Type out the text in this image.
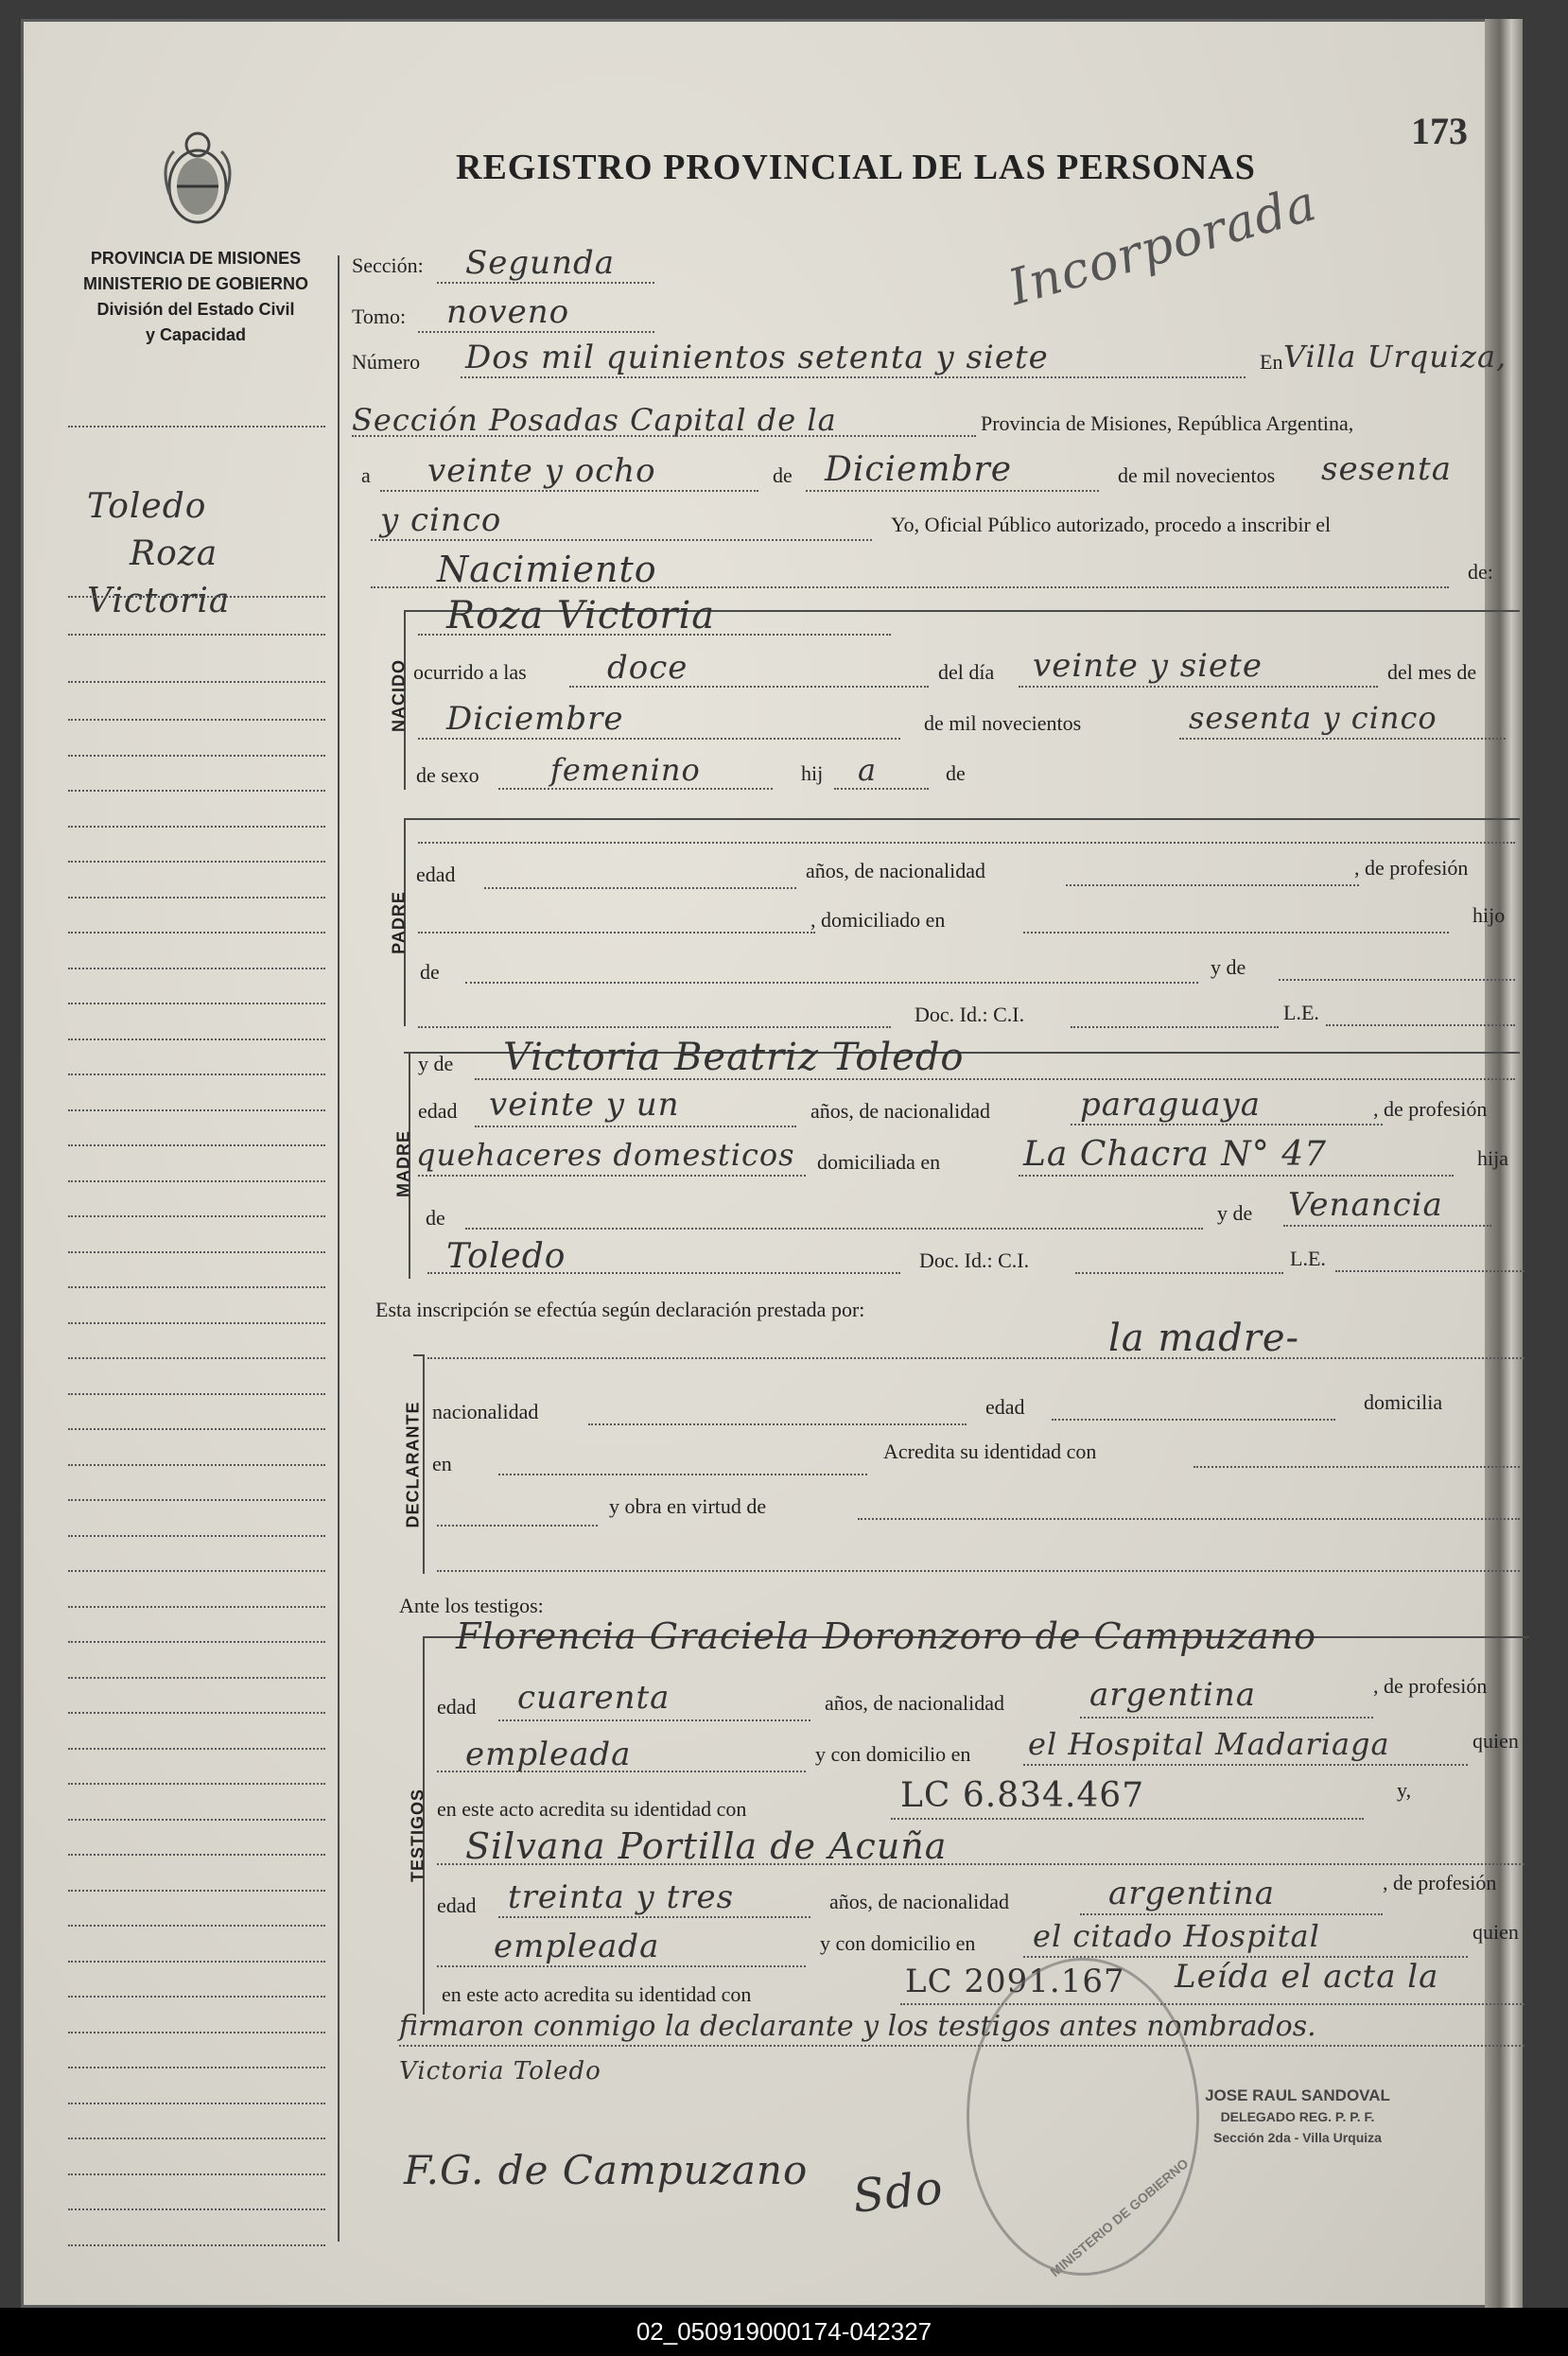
173
REGISTRO PROVINCIAL DE LAS PERSONAS
Incorporada
PROVINCIA DE MISIONES
MINISTERIO DE GOBIERNO
División del Estado Civil
y Capacidad
Toledo
Roza
Victoria
Sección: Segunda
Tomo: noveno
Número Dos mil quinientos setenta y siete	En Villa Urquiza,
Sección Posadas Capital de la	Provincia de Misiones, República Argentina,
a veinte y ocho	de Diciembre	de mil novecientos sesenta
y cinco	Yo, Oficial Público autorizado, procedo a inscribir el
Nacimiento	de:
NACIDO
Roza Victoria
ocurrido a las	doce	del día veinte y siete	del mes de
Diciembre	de mil novecientos	sesenta y cinco
de sexo femenino	hij a	de
PADRE
edad	años, de nacionalidad	, de profesión
, domiciliado en	hijo
de	y de
Doc. Id.: C.I.	L.E.
MADRE
y de Victoria Beatriz Toledo
edad veinte y un	años, de nacionalidad	paraguaya	, de profesión
quehaceres domesticos domiciliada en La Chacra N° 47	hija
de	y de Venancia
Toledo	Doc. Id.: C.I.	L.E.
Esta inscripción se efectúa según declaración prestada por:
la madre-
DECLARANTE nacionalidad	edad	domicilia
en
Acredita su identidad con
y obra en virtud de
Ante los testigos:
TESTIGOS
Florencia Graciela Doronzoro de Campuzano
edad cuarenta	años, de nacionalidad	argentina	, de profesión
empleada	y con domicilio en el Hospital Madariaga	quien
en este acto acredita su identidad con	LC 6.834.467	y,
Silvana Portilla de Acuña
edad treinta y tres	años, de nacionalidad	argentina	, de profesión
empleada	y con domicilio en el citado Hospital	quien
en este acto acredita su identidad con	LC 2091.167 Leída el acta la
firmaron conmigo la declarante y los testigos antes nombrados.
Victoria Toledo
F.G. de Campuzano Sdo	MINISTERIO DE GOBIERNO
JOSE RAUL SANDOVAL
DELEGADO REG. P. P. F.
Sección 2da - Villa Urquiza
02_050919000174-042327
